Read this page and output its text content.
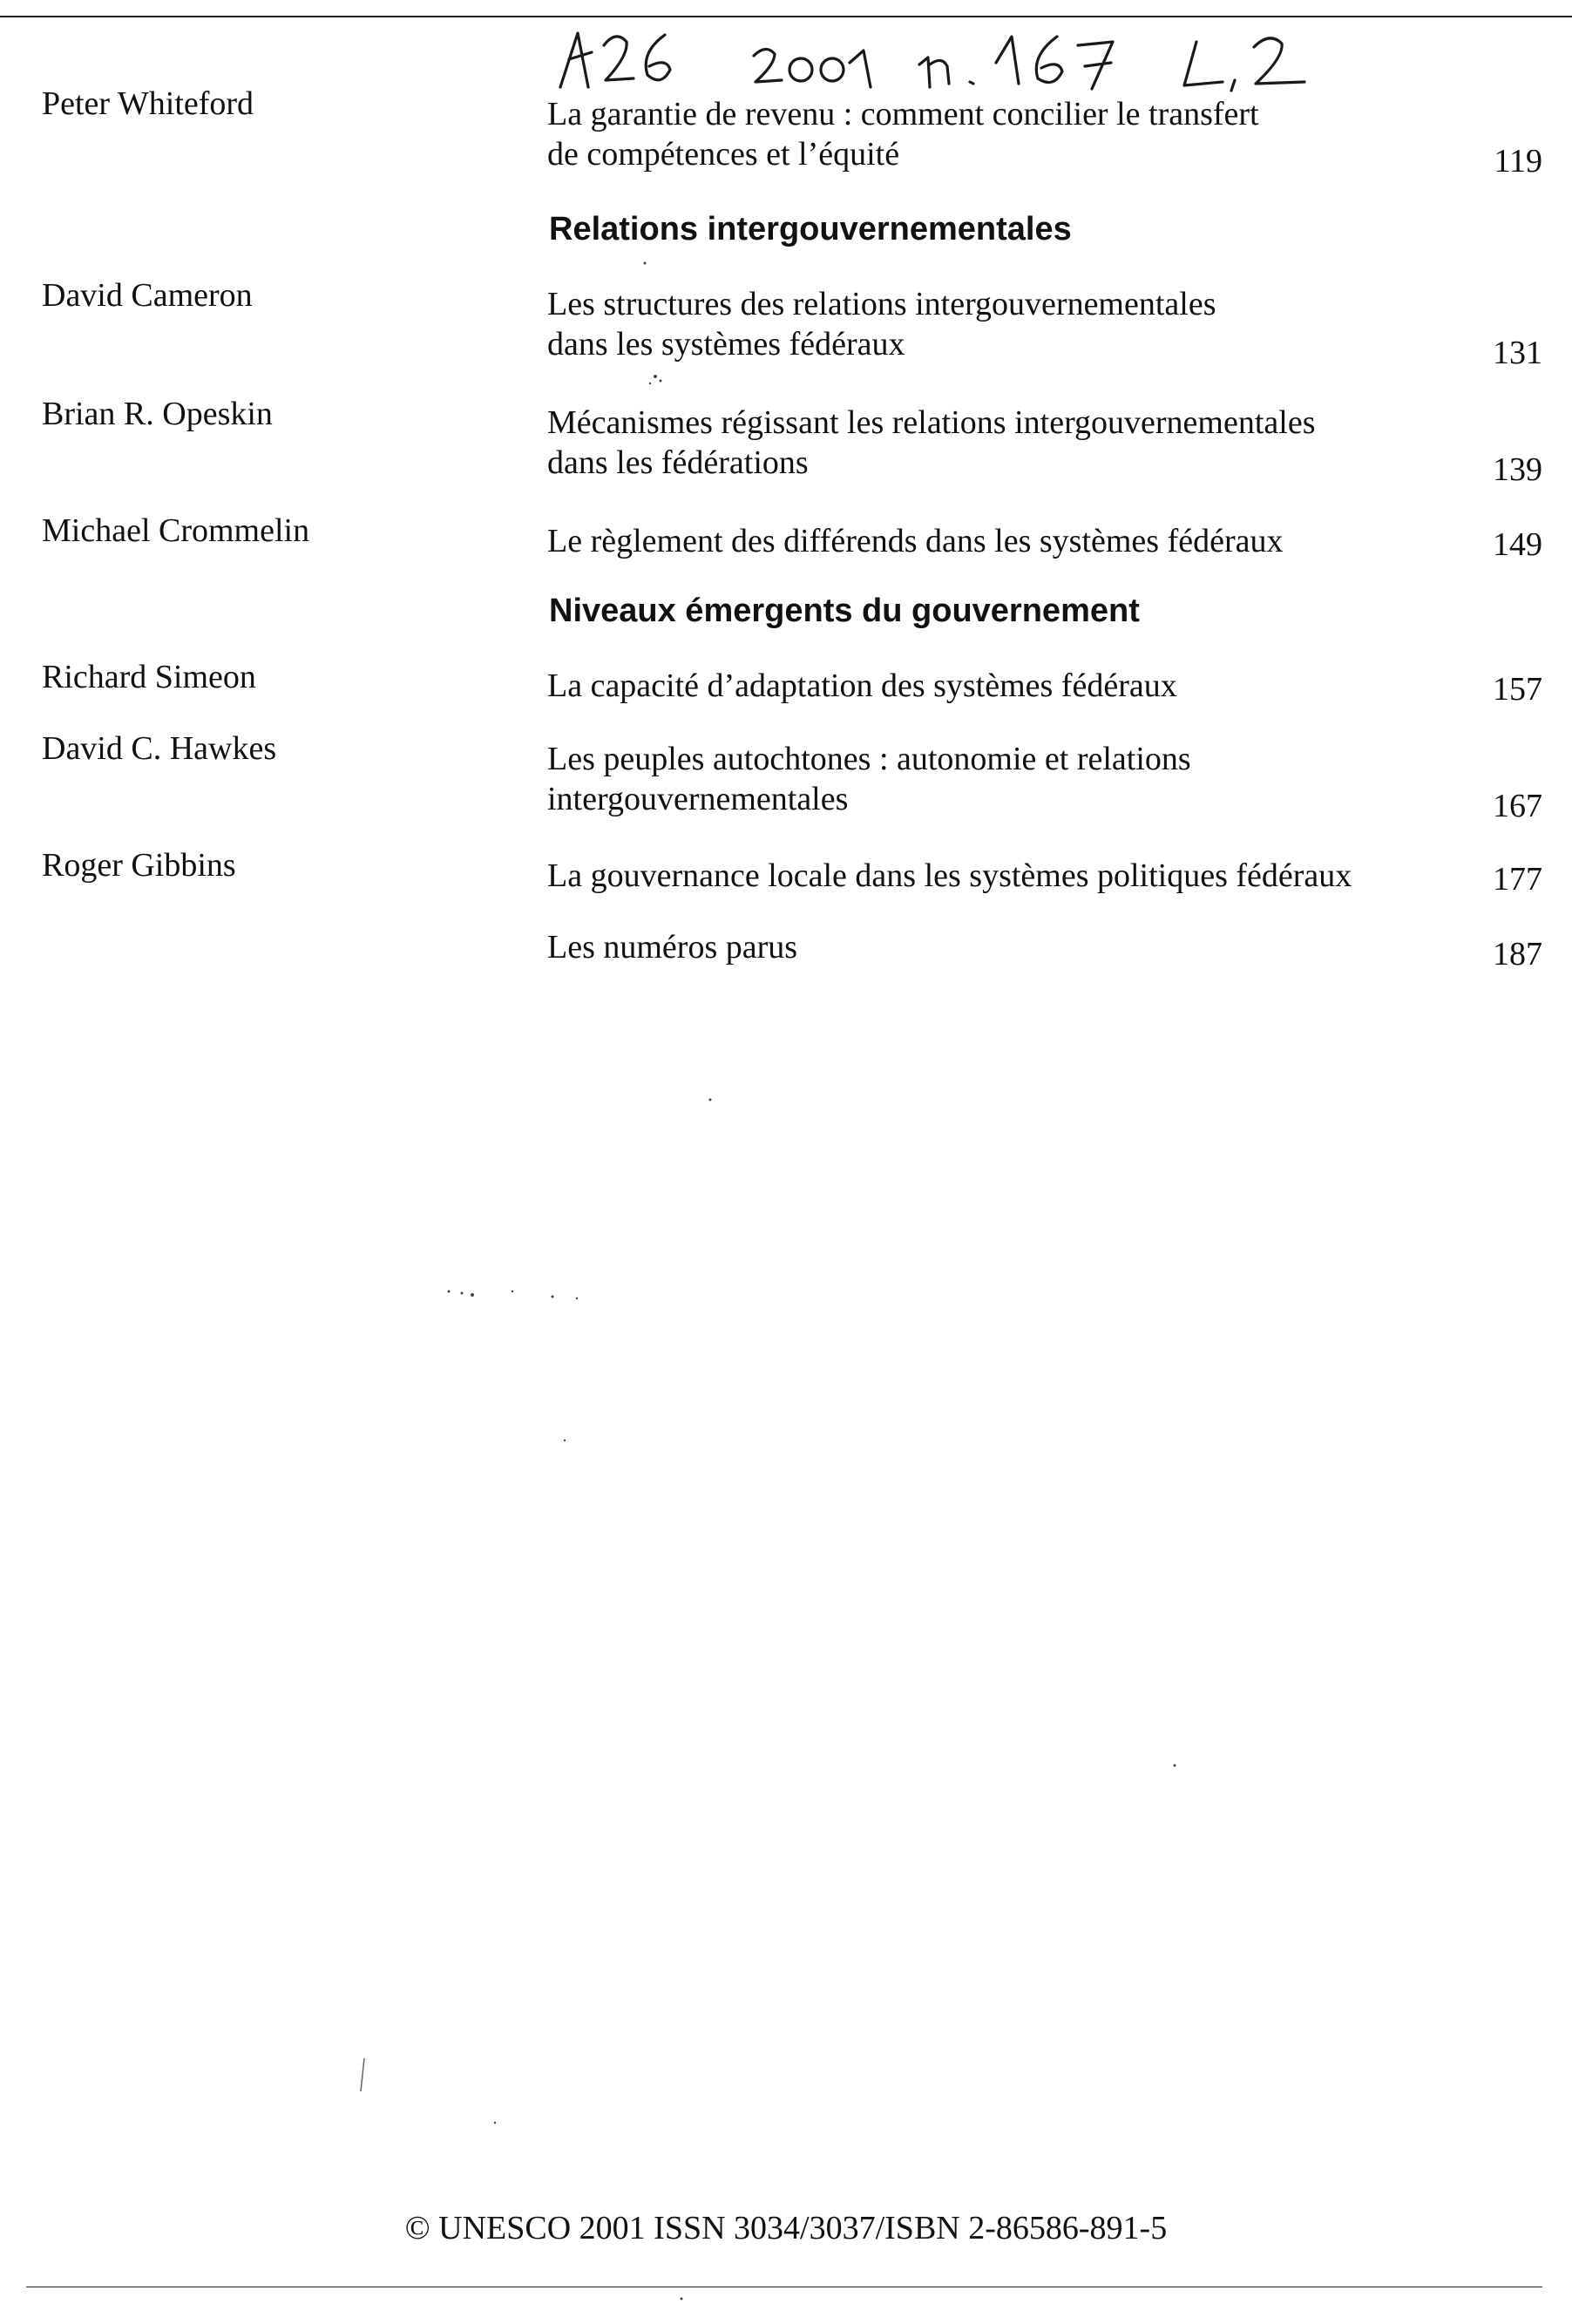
Peter Whiteford	La garantie de revenu : comment concilier le transfert
de compétences et l’équité	119
Relations intergouvernementales
David Cameron	Les structures des relations intergouvernementales
dans les systèmes fédéraux	131
Brian R. Opeskin	Mécanismes régissant les relations intergouvernementales
dans les fédérations	139
Michael Crommelin	Le règlement des différends dans les systèmes fédéraux	149
Niveaux émergents du gouvernement
Richard Simeon	La capacité d’adaptation des systèmes fédéraux	157
David C. Hawkes	Les peuples autochtones : autonomie et relations
intergouvernementales	167
Roger Gibbins	La gouvernance locale dans les systèmes politiques fédéraux	177
Les numéros parus	187
© UNESCO 2001 ISSN 3034/3037/ISBN 2-86586-891-5
